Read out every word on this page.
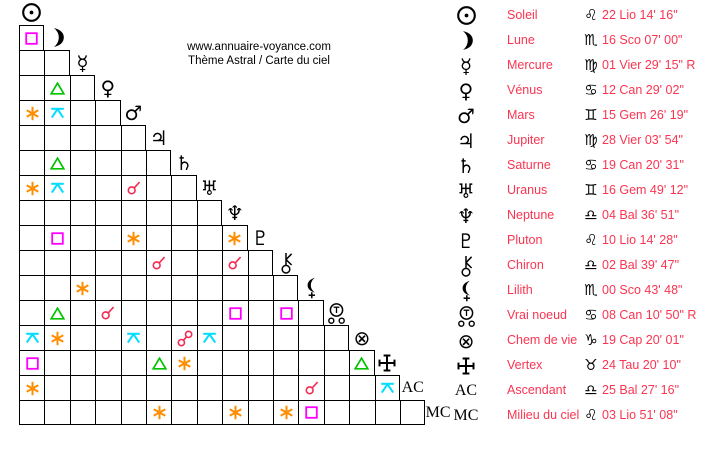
www.annuaire-voyance.com
Thème Astral / Carte du ciel
☿
♀
♂
♃
♄
♅
♆
♇
⊗
AC
MC
Soleil	♌ 22 Lio 14' 16"
Lune	♏ 16 Sco 07' 00"
☿	Mercure	♍ 01 Vier 29' 15" R
♀	Vénus	♋ 12 Can 29' 02"
♂	Mars	♊ 15 Gem 26' 19"
♃	Jupiter	♍ 28 Vier 03' 54"
♄	Saturne	♋ 19 Can 20' 31"
♅	Uranus	♊ 16 Gem 49' 12"
♆	Neptune	♎ 04 Bal 36' 51"
♇	Pluton	♌ 10 Lio 14' 28"
Chiron	♎ 02 Bal 39' 47"
Lilith	♏ 00 Sco 43' 48"
Vrai noeud	♋ 08 Can 10' 50" R
⊗	Chem de vie ♑ 19 Cap 20' 01"
Vertex	♉ 24 Tau 20' 10"
AC Ascendant	♎ 25 Bal 27' 16"
MC Milieu du ciel ♌ 03 Lio 51' 08"
